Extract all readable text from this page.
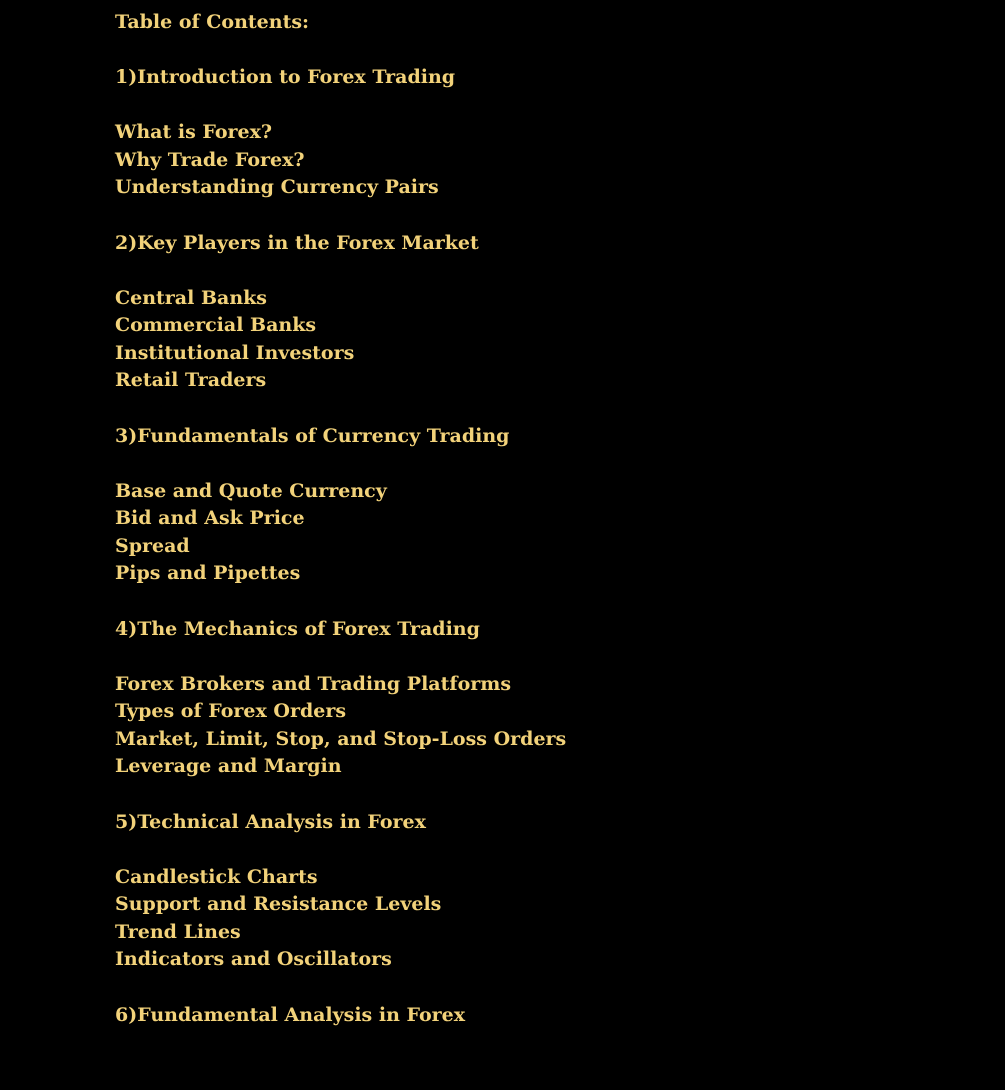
Table of Contents:
1)Introduction to Forex Trading
What is Forex?
Why Trade Forex?
Understanding Currency Pairs
2)Key Players in the Forex Market
Central Banks
Commercial Banks
Institutional Investors
Retail Traders
3)Fundamentals of Currency Trading
Base and Quote Currency
Bid and Ask Price
Spread
Pips and Pipettes
4)The Mechanics of Forex Trading
Forex Brokers and Trading Platforms
Types of Forex Orders
Market, Limit, Stop, and Stop-Loss Orders
Leverage and Margin
5)Technical Analysis in Forex
Candlestick Charts
Support and Resistance Levels
Trend Lines
Indicators and Oscillators
6)Fundamental Analysis in Forex
